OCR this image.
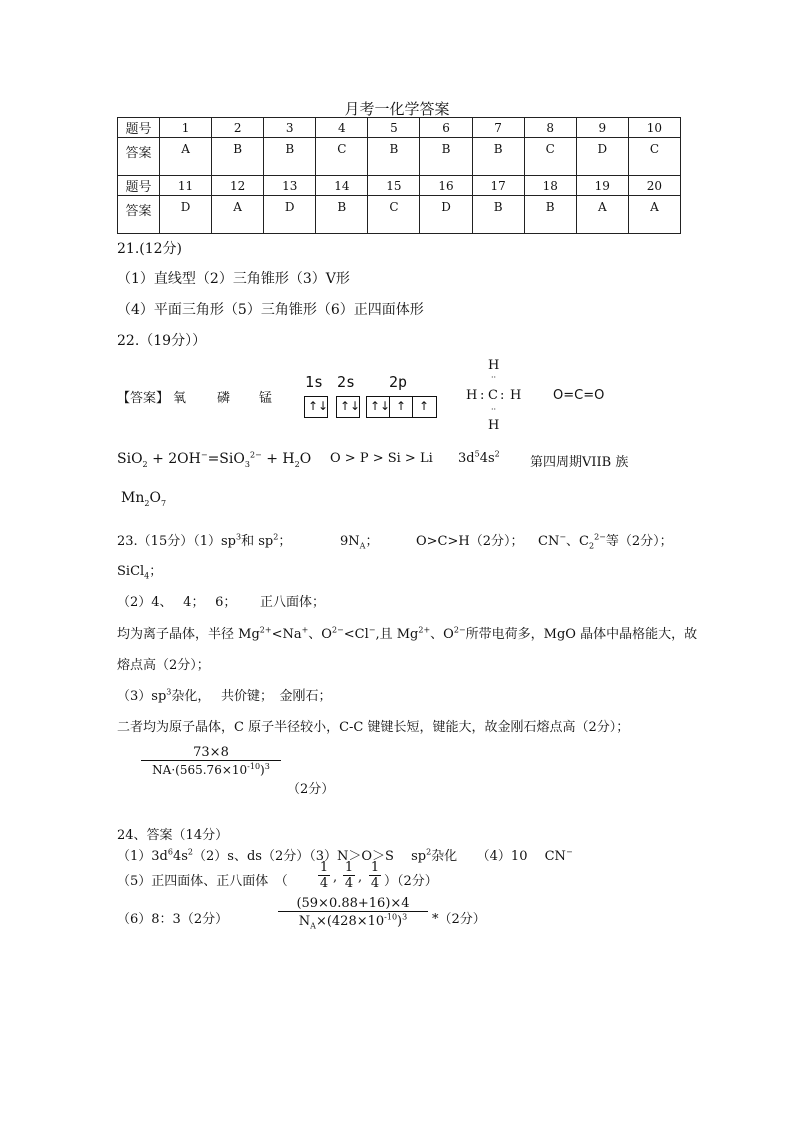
月考一化学答案
题号	1	2	3	4	5	6	7	8	9	10
答案	A	B	B	C	B	B	B	C	D	C
题号	11	12	13	14	15	16	17	18	19	20
答案	D	A	D	B	C	D	B	B	A	A
21.(12分)
（1）直线型（2）三角锥形（3）V形
（4）平面三角形（5）三角锥形（6）正四面体形
22.（19分））
【答案】 氧 磷 锰
1s 2s 2p
↑↓ ↑↓ ↑↓ ↑ ↑
H
··
H : C : H
··
H
O=C=O
$SiO_2 + 2OH^-=SiO_3^{2-} + H_2O$ O > P > Si > Li $3d^54s^2$
第四周期VIIB 族
$Mn_2O_7$
23.（15分）$(1)sp^3$和 $sp^2$；	$9N_A$；	O>C>H（2分）； CN−、$C_2^{2-}$等（2分）；
SiCl$_4$；
（2）4、　 4；　 6；　　 正八面体；
均为离子晶体，半径 $Mg^{2+}<Na^+$、$O^{2-}<Cl^-$,且 $Mg^{2+}$、$O^{2-}$所带电荷多，MgO 晶体中晶格能大，故
熔点高（2分）；
$(3)sp^3$杂化，　 共价键；　金刚石；
二者均为原子晶体，C 原子半径较小，C-C 键键长短，键能大，故金刚石熔点高（2分）；
$\frac{73\times 8}{NA\cdot(565.76\times 10^{-10})^3}$
（2分）
24、答案（14分）
$(1)3d^64s^2(2)s$、ds（2分）（3）N＞O＞S　 $sp^2$杂化　　（4）10　 CN−
（5）正四面体、正八面体　（ $\frac{1}{4}$ , $\frac{1}{4}$ , $\frac{1}{4} )(2$分）
（6）8：3（2分）	$\frac{(59\times 0.88+16)\times 4}{N_A\times(428\times 10^{-10})^3} *(2$分）
